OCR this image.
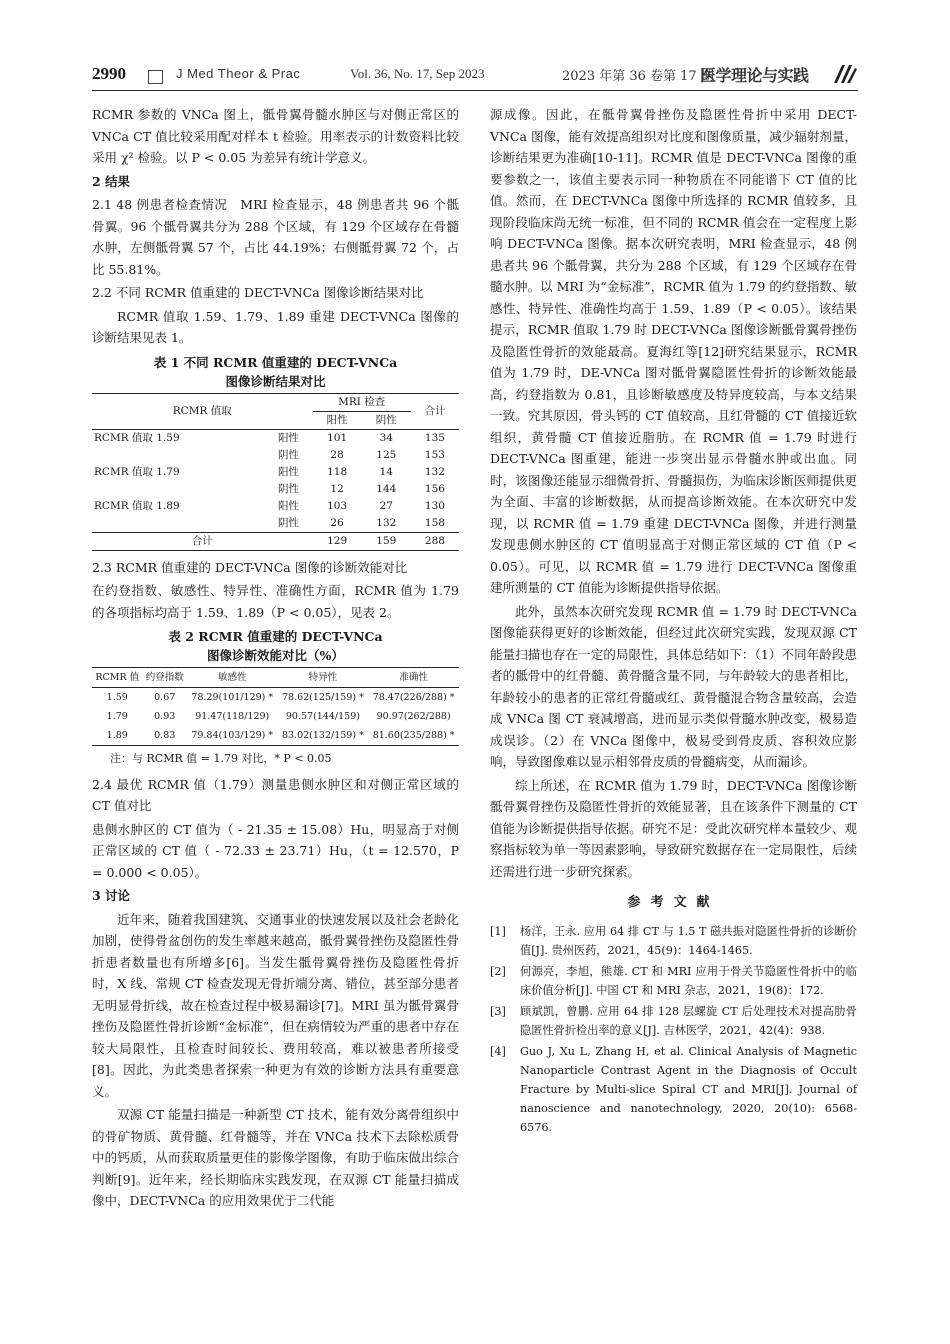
2990	J Med Theor & Prac	Vol. 36, No. 17, Sep 2023	2023 年第 36 卷第 17 期
医学理论与实践

RCMR 参数的 VNCa 图上，骶骨翼骨髓水肿区与对侧正常区的 VNCa CT 值比较采用配对样本 t 检验。用率表示的计数资料比较采用 χ² 检验。以 P < 0.05 为差异有统计学意义。

2 结果

2.1 48 例患者检查情况　 MRI 检查显示，48 例患者共 96 个骶骨翼。96 个骶骨翼共分为 288 个区域，有 129 个区域存在骨髓水肿，左侧骶骨翼 57 个，占比 44.19%；右侧骶骨翼 72 个，占比 55.81%。

2.2 不同 RCMR 值重建的 DECT-VNCa 图像诊断结果对比

RCMR 值取 1.59、1.79、1.89 重建 DECT-VNCa 图像的诊断结果见表 1。

表 1 不同 RCMR 值重建的 DECT-VNCa
图像诊断结果对比
RCMR 值取		MRI 检查		合计
		阳性	阴性	
RCMR 值取 1.59	阳性	101	34	135
	阴性	28	125	153
RCMR 值取 1.79	阳性	118	14	132
	阴性	12	144	156
RCMR 值取 1.89	阳性	103	27	130
	阴性	26	132	158
合计		129	159	288
2.3 RCMR 值重建的 DECT-VNCa 图像的诊断效能对比

在约登指数、敏感性、特异性、准确性方面，RCMR 值为 1.79 的各项指标均高于 1.59、1.89（P < 0.05），见表 2。

表 2 RCMR 值重建的 DECT-VNCa
图像诊断效能对比（%）
RCMR 值	约登指数	敏感性	特异性	准确性
1.59	0.67	78.29(101/129) *	78.62(125/159) *	78.47(226/288) *
1.79	0.93	91.47(118/129)	90.57(144/159)	90.97(262/288)
1.89	0.83	79.84(103/129) *	83.02(132/159) *	81.60(235/288) *
注：与 RCMR 值 = 1.79 对比，* P < 0.05
2.4 最优 RCMR 值（1.79）测量患侧水肿区和对侧正常区域的 CT 值对比

患侧水肿区的 CT 值为（ - 21.35 ± 15.08）Hu，明显高于对侧正常区域的 CT 值（ - 72.33 ± 23.71）Hu，（t = 12.570，P = 0.000 < 0.05）。

3 讨论

近年来，随着我国建筑、交通事业的快速发展以及社会老龄化加剧，使得骨盆创伤的发生率越来越高，骶骨翼骨挫伤及隐匿性骨折患者数量也有所增多[6]。当发生骶骨翼骨挫伤及隐匿性骨折时，X 线、常规 CT 检查发现无骨折端分离、错位，甚至部分患者无明显骨折线，故在检查过程中极易漏诊[7]。MRI 虽为骶骨翼骨挫伤及隐匿性骨折诊断“金标准”，但在病情较为严重的患者中存在较大局限性，且检查时间较长、费用较高，难以被患者所接受[8]。因此，为此类患者探索一种更为有效的诊断方法具有重要意义。

双源 CT 能量扫描是一种新型 CT 技术，能有效分离骨组织中的骨矿物质、黄骨髓、红骨髓等，并在 VNCa 技术下去除松质骨中的钙质，从而获取质量更佳的影像学图像，有助于临床做出综合判断[9]。近年来，经长期临床实践发现，在双源 CT 能量扫描成像中，DECT-VNCa 的应用效果优于二代能

源成像。因此，在骶骨翼骨挫伤及隐匿性骨折中采用 DECT-VNCa 图像，能有效提高组织对比度和图像质量，减少辐射剂量，诊断结果更为准确[10-11]。RCMR 值是 DECT-VNCa 图像的重要参数之一，该值主要表示同一种物质在不同能谱下 CT 值的比值。然而，在 DECT-VNCa 图像中所选择的 RCMR 值较多，且现阶段临床尚无统一标准，但不同的 RCMR 值会在一定程度上影响 DECT-VNCa 图像。据本次研究表明，MRI 检查显示，48 例患者共 96 个骶骨翼，共分为 288 个区域，有 129 个区域存在骨髓水肿。以 MRI 为“金标准”，RCMR 值为 1.79 的约登指数、敏感性、特异性、准确性均高于 1.59、1.89（P < 0.05）。该结果提示，RCMR 值取 1.79 时 DECT-VNCa 图像诊断骶骨翼骨挫伤及隐匿性骨折的效能最高。夏海红等[12]研究结果显示，RCMR 值为 1.79 时，DE-VNCa 图对骶骨翼隐匿性骨折的诊断效能最高，约登指数为 0.81，且诊断敏感度及特异度较高，与本文结果一致。究其原因，骨头钙的 CT 值较高，且红骨髓的 CT 值接近软组织，黄骨髓 CT 值接近脂肪。在 RCMR 值 = 1.79 时进行 DECT-VNCa 图重建，能进一步突出显示骨髓水肿或出血。同时，该图像还能显示细微骨折、骨髓损伤，为临床诊断医师提供更为全面、丰富的诊断数据，从而提高诊断效能。在本次研究中发现，以 RCMR 值 = 1.79 重建 DECT-VNCa 图像，并进行测量发现患侧水肿区的 CT 值明显高于对侧正常区域的 CT 值（P < 0.05）。可见，以 RCMR 值 = 1.79 进行 DECT-VNCa 图像重建所测量的 CT 值能为诊断提供指导依据。

此外，虽然本次研究发现 RCMR 值 = 1.79 时 DECT-VNCa 图像能获得更好的诊断效能，但经过此次研究实践，发现双源 CT 能量扫描也存在一定的局限性，具体总结如下：（1）不同年龄段患者的骶骨中的红骨髓、黄骨髓含量不同，与年龄较大的患者相比，年龄较小的患者的正常红骨髓或红、黄骨髓混合物含量较高，会造成 VNCa 图 CT 衰减增高，进而显示类似骨髓水肿改变，极易造成误诊。（2）在 VNCa 图像中，极易受到骨皮质、容积效应影响，导致图像难以显示相邻骨皮质的骨髓病变，从而漏诊。

综上所述，在 RCMR 值为 1.79 时，DECT-VNCa 图像诊断骶骨翼骨挫伤及隐匿性骨折的效能显著，且在该条件下测量的 CT 值能为诊断提供指导依据。研究不足：受此次研究样本量较少、观察指标较为单一等因素影响，导致研究数据存在一定局限性，后续还需进行进一步研究探索。

参考文献
[1]	杨洋，王永. 应用 64 排 CT 与 1.5 T 磁共振对隐匿性骨折的诊断价值[J]. 贵州医药，2021，45(9)：1464-1465.
[2]	何源亮，李旭，熊雄. CT 和 MRI 应用于骨关节隐匿性骨折中的临床价值分析[J]. 中国 CT 和 MRI 杂志，2021，19(8)：172.
[3]	顾斌凯，曾鹏. 应用 64 排 128 层螺旋 CT 后处理技术对提高肋骨隐匿性骨折检出率的意义[J]. 吉林医学，2021，42(4)：938.
[4]	Guo J, Xu L, Zhang H, et al. Clinical Analysis of Magnetic Nanoparticle Contrast Agent in the Diagnosis of Occult Fracture by Multi-slice Spiral CT and MRI[J]. Journal of nanoscience and nanotechnology, 2020, 20(10): 6568-6576.
